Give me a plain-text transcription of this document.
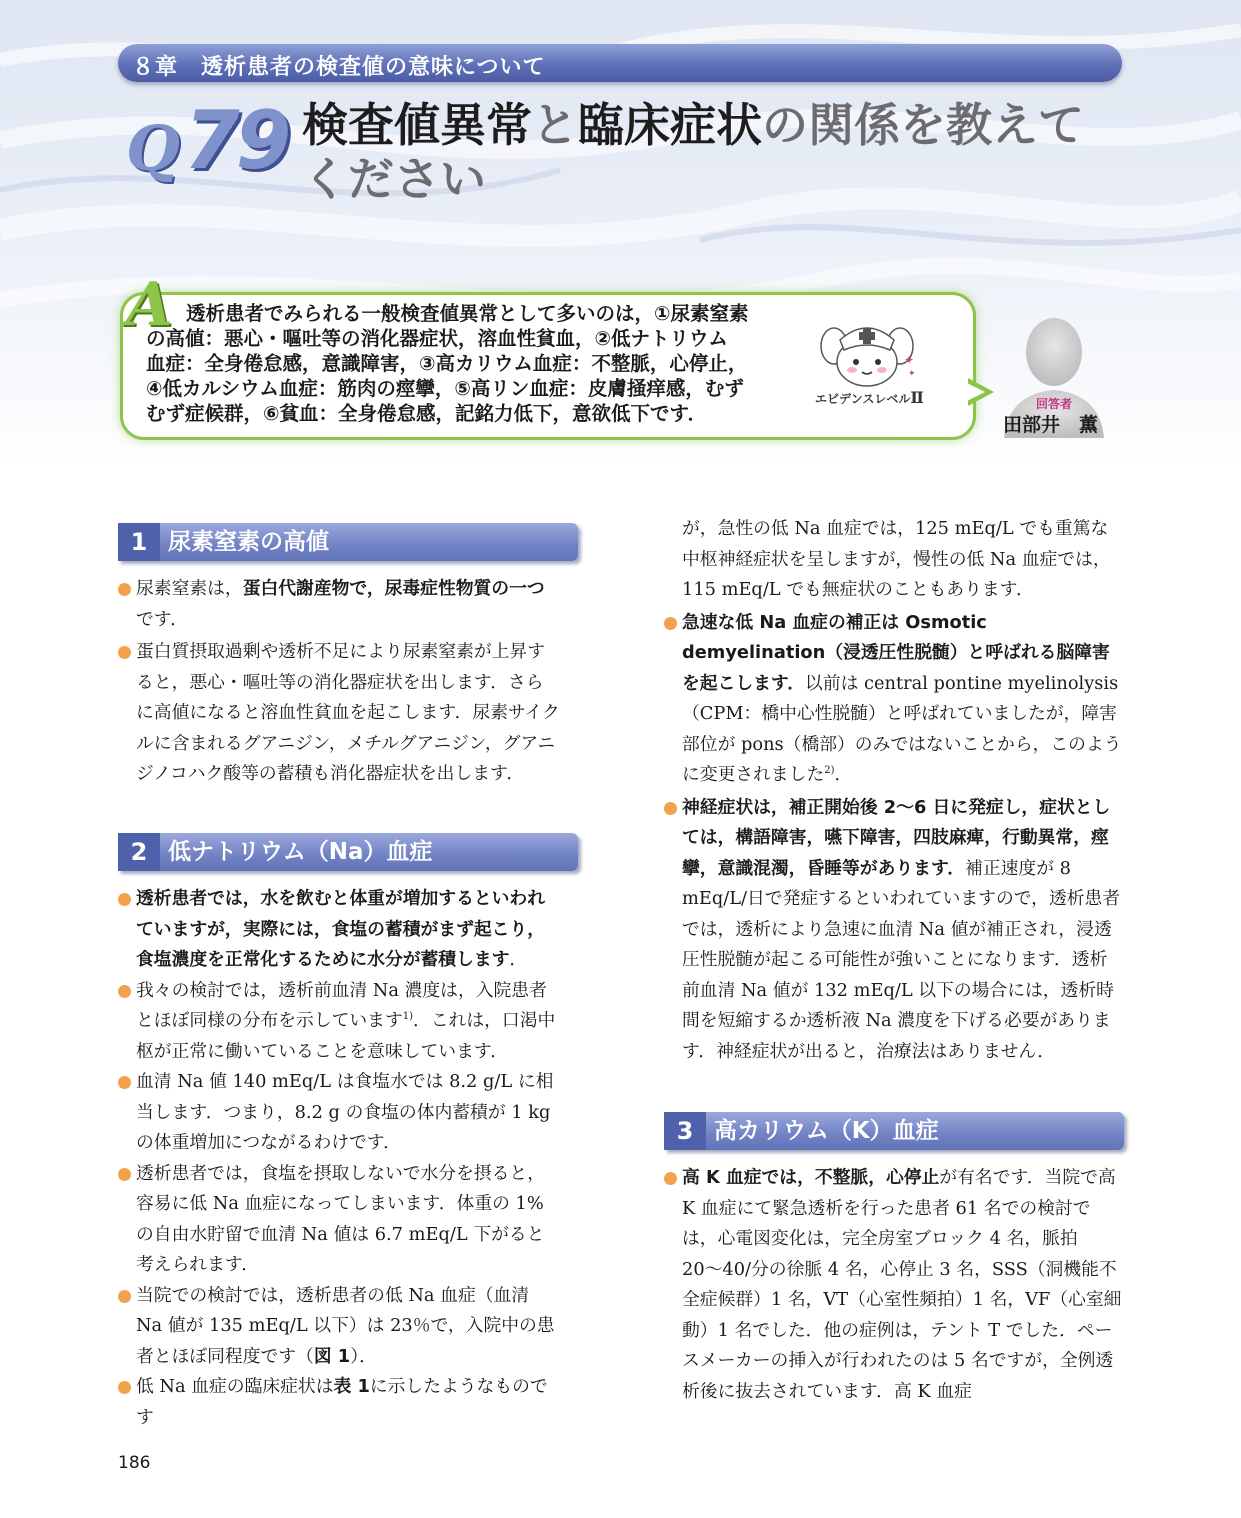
８章　透析患者の検査値の意味について
Q 79 検査値異常と臨床症状の関係を教えて
ください
A 透析患者でみられる一般検査値異常として多いのは，①尿素窒素
の高値：悪心・嘔吐等の消化器症状，溶血性貧血，②低ナトリウム
血症：全身倦怠感，意識障害，③高カリウム血症：不整脈，心停止，
④低カルシウム血症：筋肉の痙攣，⑤高リン血症：皮膚掻痒感，むず
むず症候群，⑥貧血：全身倦怠感，記銘力低下，意欲低下です．
✦
✦
エビデンスレベルⅡ	回答者
田部井　薫
1 尿素窒素の高値

尿素窒素は，蛋白代謝産物で，尿毒症性物質の一つです．

蛋白質摂取過剰や透析不足により尿素窒素が上昇すると，悪心・嘔吐等の消化器症状を出します．さらに高値になると溶血性貧血を起こします．尿素サイクルに含まれるグアニジン，メチルグアニジン，グアニジノコハク酸等の蓄積も消化器症状を出します．

2 低ナトリウム（Na）血症

透析患者では，水を飲むと体重が増加するといわれていますが，実際には，食塩の蓄積がまず起こり，食塩濃度を正常化するために水分が蓄積します．

我々の検討では，透析前血清 Na 濃度は，入院患者とほぼ同様の分布を示しています$^{1)}$．これは，口渇中枢が正常に働いていることを意味しています．

血清 Na 値 140 mEq/L は食塩水では 8.2 g/L に相当します．つまり，8.2 g の食塩の体内蓄積が 1 kg の体重増加につながるわけです．

透析患者では，食塩を摂取しないで水分を摂ると，容易に低 Na 血症になってしまいます．体重の 1% の自由水貯留で血清 Na 値は 6.7 mEq/L 下がると考えられます．

当院での検討では，透析患者の低 Na 血症（血清 Na 値が 135 mEq/L 以下）は 23％で，入院中の患者とほぼ同程度です（図 1）．

低 Na 血症の臨床症状は表 1に示したようなものです

が，急性の低 Na 血症では，125 mEq/L でも重篤な中枢神経症状を呈しますが，慢性の低 Na 血症では，115 mEq/L でも無症状のこともあります．

急速な低 Na 血症の補正は Osmotic demyelination（浸透圧性脱髄）と呼ばれる脳障害を起こします．以前は central pontine myelinolysis（CPM：橋中心性脱髄）と呼ばれていましたが，障害部位が pons（橋部）のみではないことから，このように変更されました$^{2)}$．

神経症状は，補正開始後 2〜6 日に発症し，症状としては，構語障害，嚥下障害，四肢麻痺，行動異常，痙攣，意識混濁，昏睡等があります．補正速度が 8 mEq/L/日で発症するといわれていますので，透析患者では，透析により急速に血清 Na 値が補正され，浸透圧性脱髄が起こる可能性が強いことになります．透析前血清 Na 値が 132 mEq/L 以下の場合には，透析時間を短縮するか透析液 Na 濃度を下げる必要があります．神経症状が出ると，治療法はありません．

3 高カリウム（K）血症

高 K 血症では，不整脈，心停止が有名です．当院で高 K 血症にて緊急透析を行った患者 61 名での検討では，心電図変化は，完全房室ブロック 4 名，脈拍 20〜40/分の徐脈 4 名，心停止 3 名，SSS（洞機能不全症候群）1 名，VT（心室性頻拍）1 名，VF（心室細動）1 名でした．他の症例は，テント T でした．ペースメーカーの挿入が行われたのは 5 名ですが，全例透析後に抜去されています．高 K 血症

186
